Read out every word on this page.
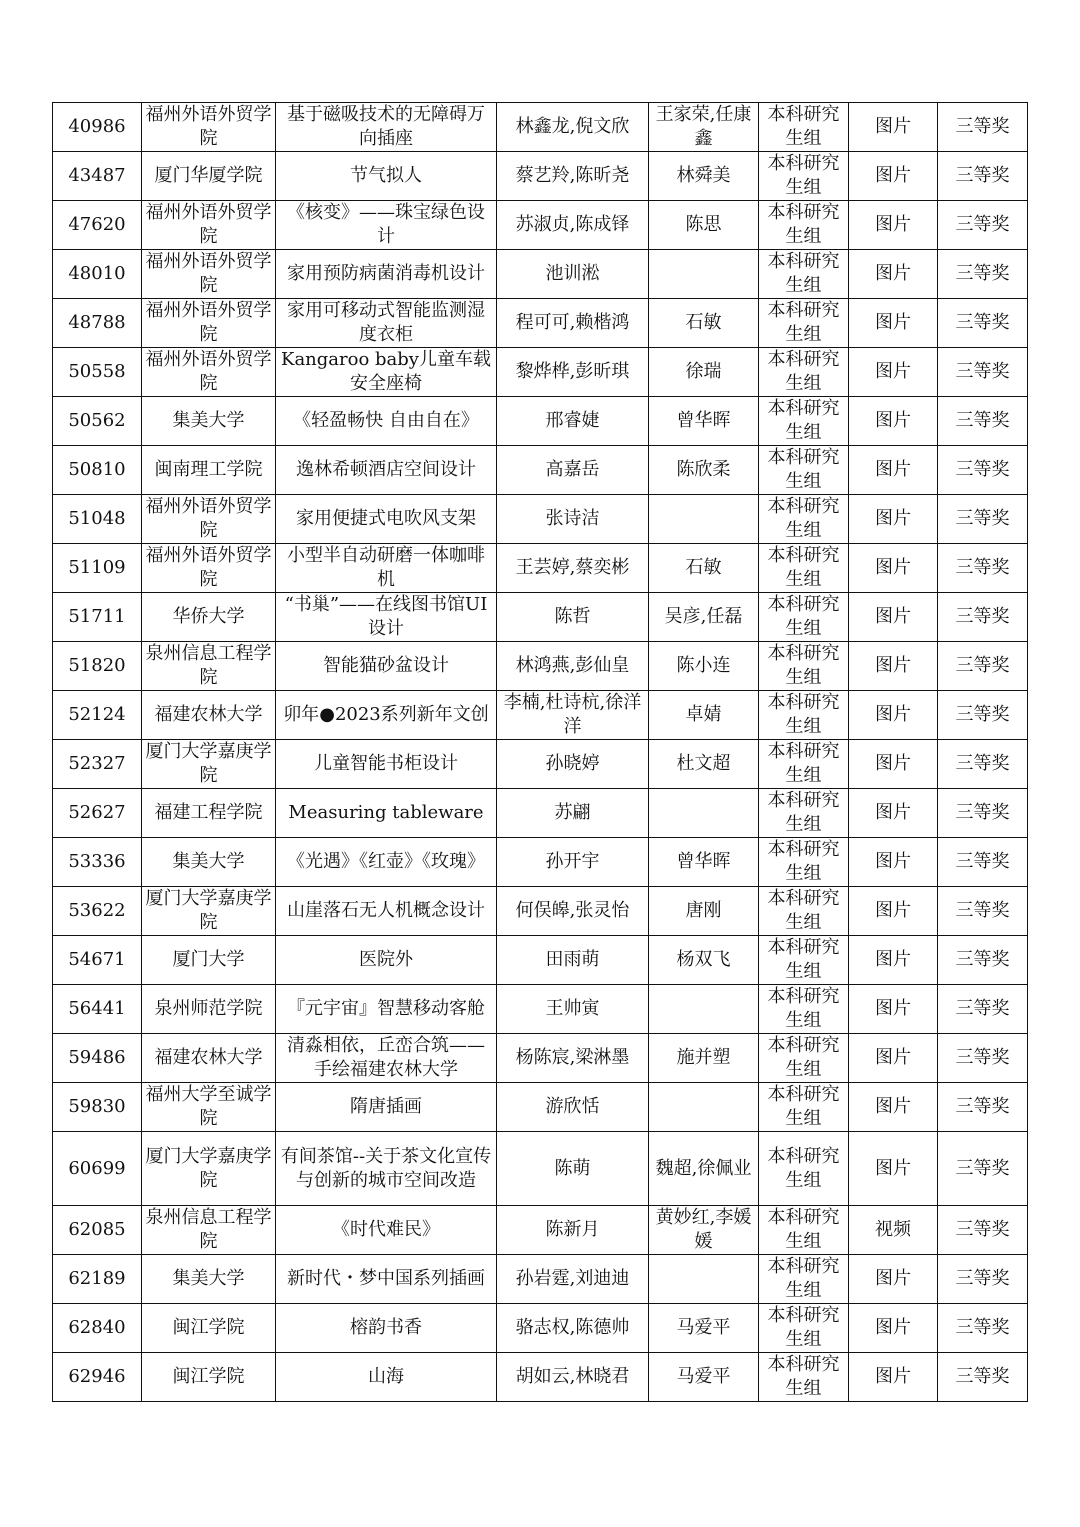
40986	福州外语外贸学院	基于磁吸技术的无障碍万向插座	林鑫龙,倪文欣	王家荣,任康鑫	本科研究生组	图片	三等奖
43487	厦门华厦学院	节气拟人	蔡艺羚,陈昕尧	林舜美	本科研究生组	图片	三等奖
47620	福州外语外贸学院	《核变》——珠宝绿色设计	苏淑贞,陈成铎	陈思	本科研究生组	图片	三等奖
48010	福州外语外贸学院	家用预防病菌消毒机设计	池训淞		本科研究生组	图片	三等奖
48788	福州外语外贸学院	家用可移动式智能监测湿度衣柜	程可可,赖楷鸿	石敏	本科研究生组	图片	三等奖
50558	福州外语外贸学院	Kangaroo baby儿童车载安全座椅	黎烨桦,彭昕琪	徐瑞	本科研究生组	图片	三等奖
50562	集美大学	《轻盈畅快 自由自在》	邢睿婕	曾华晖	本科研究生组	图片	三等奖
50810	闽南理工学院	逸林希顿酒店空间设计	高嘉岳	陈欣柔	本科研究生组	图片	三等奖
51048	福州外语外贸学院	家用便捷式电吹风支架	张诗洁		本科研究生组	图片	三等奖
51109	福州外语外贸学院	小型半自动研磨一体咖啡机	王芸婷,蔡奕彬	石敏	本科研究生组	图片	三等奖
51711	华侨大学	“书巢”——在线图书馆UI设计	陈哲	吴彦,任磊	本科研究生组	图片	三等奖
51820	泉州信息工程学院	智能猫砂盆设计	林鸿燕,彭仙皇	陈小连	本科研究生组	图片	三等奖
52124	福建农林大学	卯年●2023系列新年文创	李楠,杜诗杭,徐洋洋	卓婧	本科研究生组	图片	三等奖
52327	厦门大学嘉庚学院	儿童智能书柜设计	孙晓婷	杜文超	本科研究生组	图片	三等奖
52627	福建工程学院	Measuring tableware	苏翩		本科研究生组	图片	三等奖
53336	集美大学	《光遇》《红壶》《玫瑰》	孙开宇	曾华晖	本科研究生组	图片	三等奖
53622	厦门大学嘉庚学院	山崖落石无人机概念设计	何俣皞,张灵怡	唐刚	本科研究生组	图片	三等奖
54671	厦门大学	医院外	田雨萌	杨双飞	本科研究生组	图片	三等奖
56441	泉州师范学院	『元宇宙』智慧移动客舱	王帅寅		本科研究生组	图片	三等奖
59486	福建农林大学	清淼相依，丘峦合筑——手绘福建农林大学	杨陈宸,梁淋墨	施并塑	本科研究生组	图片	三等奖
59830	福州大学至诚学院	隋唐插画	游欣恬		本科研究生组	图片	三等奖
60699	厦门大学嘉庚学院	有间茶馆--关于茶文化宣传与创新的城市空间改造	陈萌	魏超,徐佩业	本科研究生组	图片	三等奖
62085	泉州信息工程学院	《时代难民》	陈新月	黄妙红,李媛媛	本科研究生组	视频	三等奖
62189	集美大学	新时代・梦中国系列插画	孙岩霆,刘迪迪		本科研究生组	图片	三等奖
62840	闽江学院	榕韵书香	骆志权,陈德帅	马爱平	本科研究生组	图片	三等奖
62946	闽江学院	山海	胡如云,林晓君	马爱平	本科研究生组	图片	三等奖
